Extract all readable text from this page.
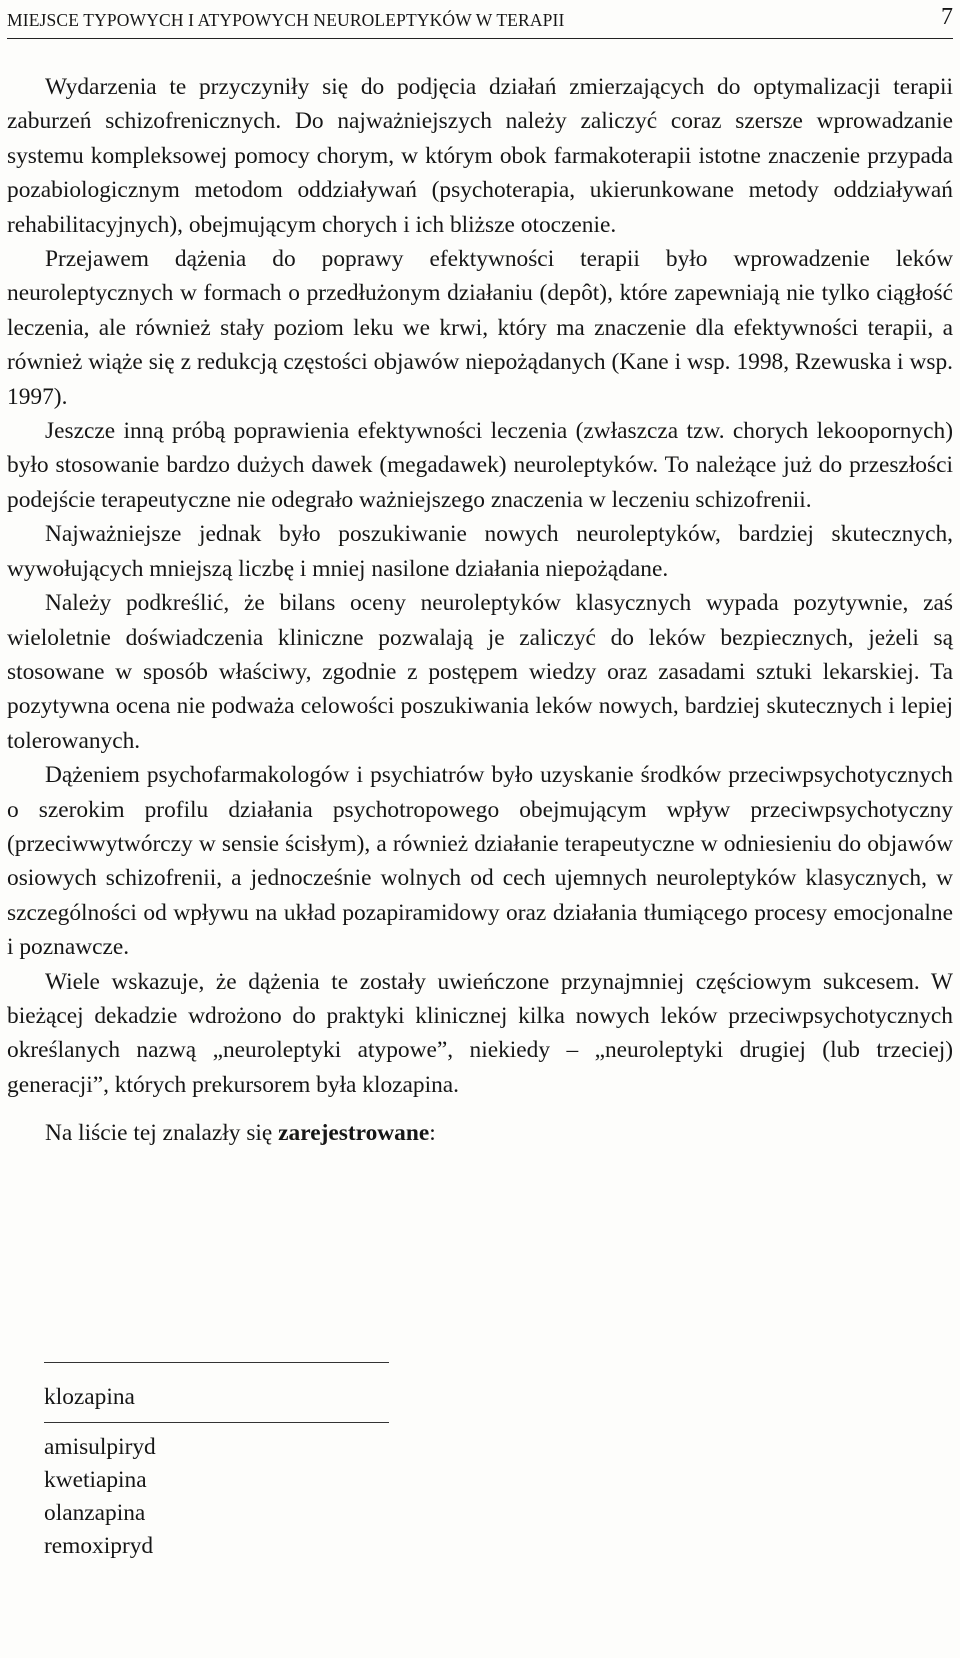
MIEJSCE TYPOWYCH I ATYPOWYCH NEUROLEPTYKÓW W TERAPII	7

Wydarzenia te przyczyniły się do podjęcia działań zmierzających do optymalizacji terapii zaburzeń schizofrenicznych. Do najważniejszych należy zaliczyć coraz szersze wprowadzanie systemu kompleksowej pomocy chorym, w którym obok farmakoterapii istotne znaczenie przypada pozabiologicznym metodom oddziaływań (psychoterapia, ukierunkowane metody oddziaływań rehabilitacyjnych), obejmującym chorych i ich bliższe otoczenie.

Przejawem dążenia do poprawy efektywności terapii było wprowadzenie leków neuroleptycznych w formach o przedłużonym działaniu (depôt), które zapewniają nie tylko ciągłość leczenia, ale również stały poziom leku we krwi, który ma znaczenie dla efektywności terapii, a również wiąże się z redukcją częstości objawów niepożądanych (Kane i wsp. 1998, Rzewuska i wsp. 1997).

Jeszcze inną próbą poprawienia efektywności leczenia (zwłaszcza tzw. chorych lekoopornych) było stosowanie bardzo dużych dawek (megadawek) neuroleptyków. To należące już do przeszłości podejście terapeutyczne nie odegrało ważniejszego znaczenia w leczeniu schizofrenii.

Najważniejsze jednak było poszukiwanie nowych neuroleptyków, bardziej skutecznych, wywołujących mniejszą liczbę i mniej nasilone działania niepożądane.

Należy podkreślić, że bilans oceny neuroleptyków klasycznych wypada pozytywnie, zaś wieloletnie doświadczenia kliniczne pozwalają je zaliczyć do leków bezpiecznych, jeżeli są stosowane w sposób właściwy, zgodnie z postępem wiedzy oraz zasadami sztuki lekarskiej. Ta pozytywna ocena nie podważa celowości poszukiwania leków nowych, bardziej skutecznych i lepiej tolerowanych.

Dążeniem psychofarmakologów i psychiatrów było uzyskanie środków przeciwpsychotycznych o szerokim profilu działania psychotropowego obejmującym wpływ przeciwpsychotyczny (przeciwwytwórczy w sensie ścisłym), a również działanie terapeutyczne w odniesieniu do objawów osiowych schizofrenii, a jednocześnie wolnych od cech ujemnych neuroleptyków klasycznych, w szczególności od wpływu na układ pozapiramidowy oraz działania tłumiącego procesy emocjonalne i poznawcze.

Wiele wskazuje, że dążenia te zostały uwieńczone przynajmniej częściowym sukcesem. W bieżącej dekadzie wdrożono do praktyki klinicznej kilka nowych leków przeciwpsychotycznych określanych nazwą „neuroleptyki atypowe”, niekiedy – „neuroleptyki drugiej (lub trzeciej) generacji”, których prekursorem była klozapina.

Na liście tej znalazły się zarejestrowane:

klozapina
amisulpiryd
kwetiapina
olanzapina
remoxipryd
